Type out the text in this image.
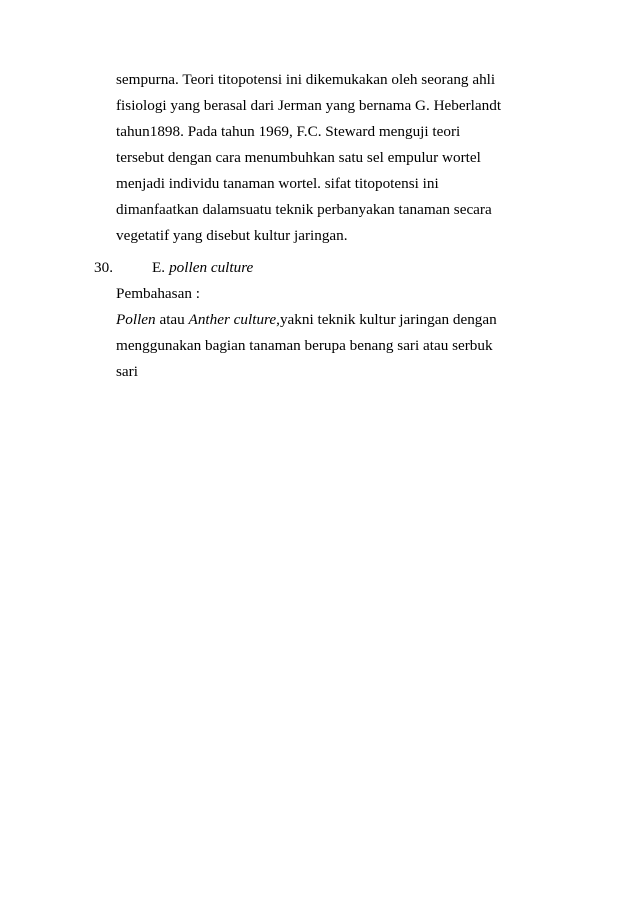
sempurna. Teori titopotensi ini dikemukakan oleh seorang ahli
fisiologi yang berasal dari Jerman yang bernama G. Heberlandt
tahun1898. Pada tahun 1969, F.C. Steward menguji teori
tersebut dengan cara menumbuhkan satu sel empulur wortel
menjadi individu tanaman wortel. sifat titopotensi ini
dimanfaatkan dalamsuatu teknik perbanyakan tanaman secara
vegetatif yang disebut kultur jaringan.
30.	E. pollen culture
Pembahasan :
Pollen atau Anther culture,yakni teknik kultur jaringan dengan
menggunakan bagian tanaman berupa benang sari atau serbuk
sari
